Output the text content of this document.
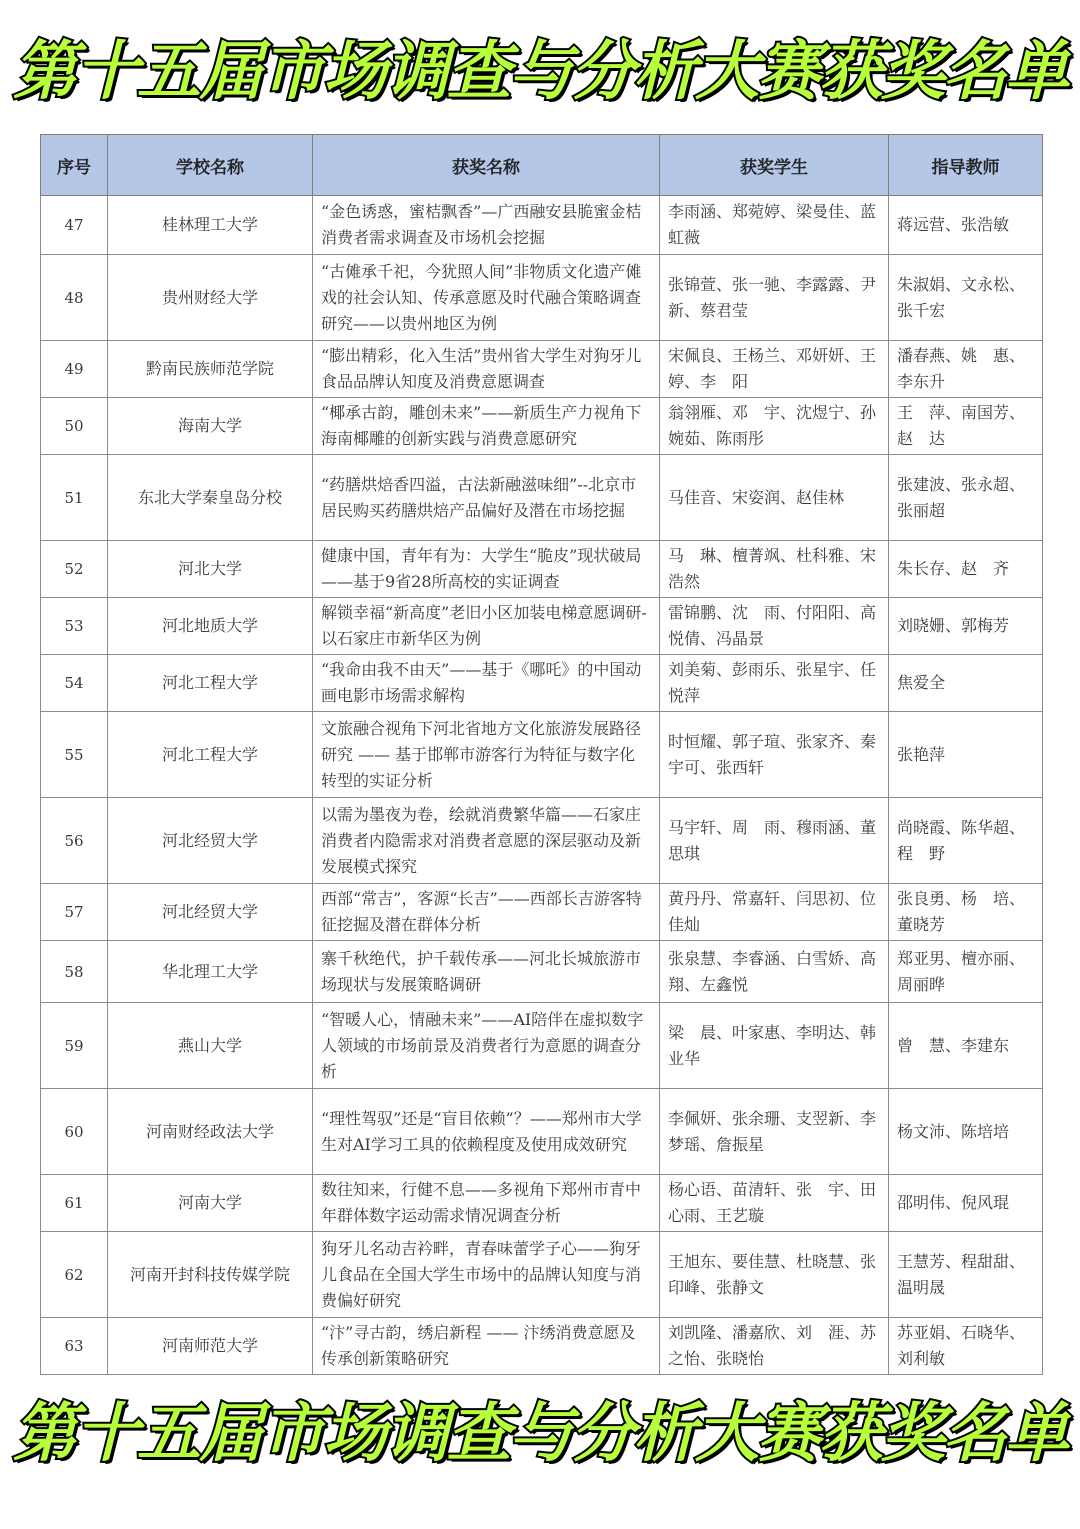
第十五届市场调查与分析大赛获奖名单
序号	学校名称	获奖名称	获奖学生	指导教师
47	桂林理工大学	“金色诱惑，蜜桔飘香”—广西融安县脆蜜金桔消费者需求调查及市场机会挖掘	李雨涵、郑菀婷、梁曼佳、蓝虹薇	蒋远营、张浩敏
48	贵州财经大学	“古傩承千祀，今犹照人间”非物质文化遗产傩戏的社会认知、传承意愿及时代融合策略调查研究——以贵州地区为例	张锦萱、张一驰、李露露、尹　新、蔡君莹	朱淑娟、文永松、张千宏
49	黔南民族师范学院	“膨出精彩，化入生活”贵州省大学生对狗牙儿食品品牌认知度及消费意愿调查	宋佩良、王杨兰、邓妍妍、王　婷、李　阳	潘春燕、姚　惠、李东升
50	海南大学	“椰承古韵，雕创未来”——新质生产力视角下海南椰雕的创新实践与消费意愿研究	翁翎雁、邓　宇、沈煜宁、孙婉茹、陈雨彤	王　萍、南国芳、赵　达
51	东北大学秦皇岛分校	“药膳烘焙香四溢，古法新融滋味细”--北京市居民购买药膳烘焙产品偏好及潜在市场挖掘	马佳音、宋姿润、赵佳林	张建波、张永超、张丽超
52	河北大学	健康中国，青年有为：大学生“脆皮”现状破局——基于9省28所高校的实证调查	马　琳、檀菁飒、杜科雅、宋浩然	朱长存、赵　齐
53	河北地质大学	解锁幸福“新高度”老旧小区加装电梯意愿调研-以石家庄市新华区为例	雷锦鹏、沈　雨、付阳阳、高悦倩、冯晶景	刘晓姗、郭梅芳
54	河北工程大学	“我命由我不由天”——基于《哪吒》的中国动画电影市场需求解构	刘美菊、彭雨乐、张星宇、任悦萍	焦爱全
55	河北工程大学	文旅融合视角下河北省地方文化旅游发展路径研究 —— 基于邯郸市游客行为特征与数字化转型的实证分析	时恒耀、郭子瑄、张家齐、秦宇可、张西轩	张艳萍
56	河北经贸大学	以需为墨夜为卷，绘就消费繁华篇——石家庄消费者内隐需求对消费者意愿的深层驱动及新发展模式探究	马宇轩、周　雨、穆雨涵、董思琪	尚晓霞、陈华超、程　野
57	河北经贸大学	西部“常吉”，客源“长吉”——西部长吉游客特征挖掘及潜在群体分析	黄丹丹、常嘉轩、闫思初、位佳灿	张良勇、杨　培、董晓芳
58	华北理工大学	寨千秋绝代，护千载传承——河北长城旅游市场现状与发展策略调研	张泉慧、李睿涵、白雪娇、高　翔、左鑫悦	郑亚男、檀亦丽、周丽晔
59	燕山大学	“智暖人心，情融未来”——AI陪伴在虚拟数字人领域的市场前景及消费者行为意愿的调查分析	梁　晨、叶家惠、李明达、韩业华	曾　慧、李建东
60	河南财经政法大学	“理性驾驭”还是“盲目依赖”？——郑州市大学生对AI学习工具的依赖程度及使用成效研究	李佩妍、张余珊、支翌新、李梦瑶、詹振星	杨文沛、陈培培
61	河南大学	数往知来，行健不息——多视角下郑州市青中年群体数字运动需求情况调查分析	杨心语、苗清轩、张　宇、田心雨、王艺璇	邵明伟、倪风琨
62	河南开封科技传媒学院	狗牙儿名动吉衿畔，青春味蕾学子心——狗牙儿食品在全国大学生市场中的品牌认知度与消费偏好研究	王旭东、要佳慧、杜晓慧、张印峰、张静文	王慧芳、程甜甜、温明晟
63	河南师范大学	“汴”寻古韵，绣启新程 —— 汴绣消费意愿及传承创新策略研究	刘凯隆、潘嘉欣、刘　涯、苏之怡、张晓怡	苏亚娟、石晓华、刘利敏
第十五届市场调查与分析大赛获奖名单
